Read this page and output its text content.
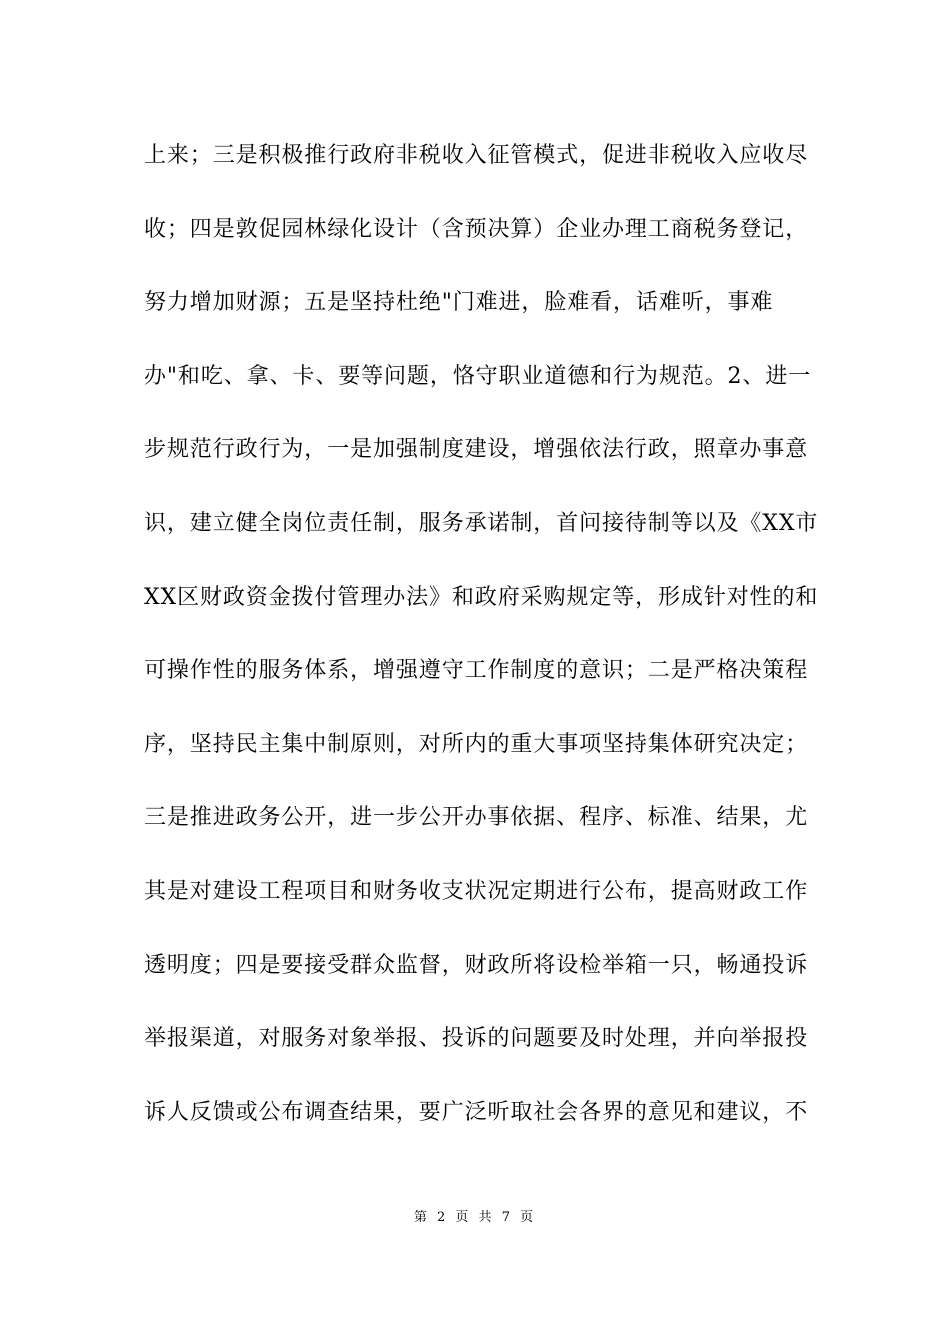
上来；三是积极推行政府非税收入征管模式，促进非税收入应收尽
收；四是敦促园林绿化设计（含预决算）企业办理工商税务登记，
努力增加财源；五是坚持杜绝"门难进，脸难看，话难听，事难
办"和吃、拿、卡、要等问题，恪守职业道德和行为规范。2、进一
步规范行政行为，一是加强制度建设，增强依法行政，照章办事意
识，建立健全岗位责任制，服务承诺制，首问接待制等以及《XX市
XX区财政资金拨付管理办法》和政府采购规定等，形成针对性的和
可操作性的服务体系，增强遵守工作制度的意识；二是严格决策程
序，坚持民主集中制原则，对所内的重大事项坚持集体研究决定；
三是推进政务公开，进一步公开办事依据、程序、标准、结果，尤
其是对建设工程项目和财务收支状况定期进行公布，提高财政工作
透明度；四是要接受群众监督，财政所将设检举箱一只，畅通投诉
举报渠道，对服务对象举报、投诉的问题要及时处理，并向举报投
诉人反馈或公布调查结果，要广泛听取社会各界的意见和建议，不
第 2 页 共 7 页
